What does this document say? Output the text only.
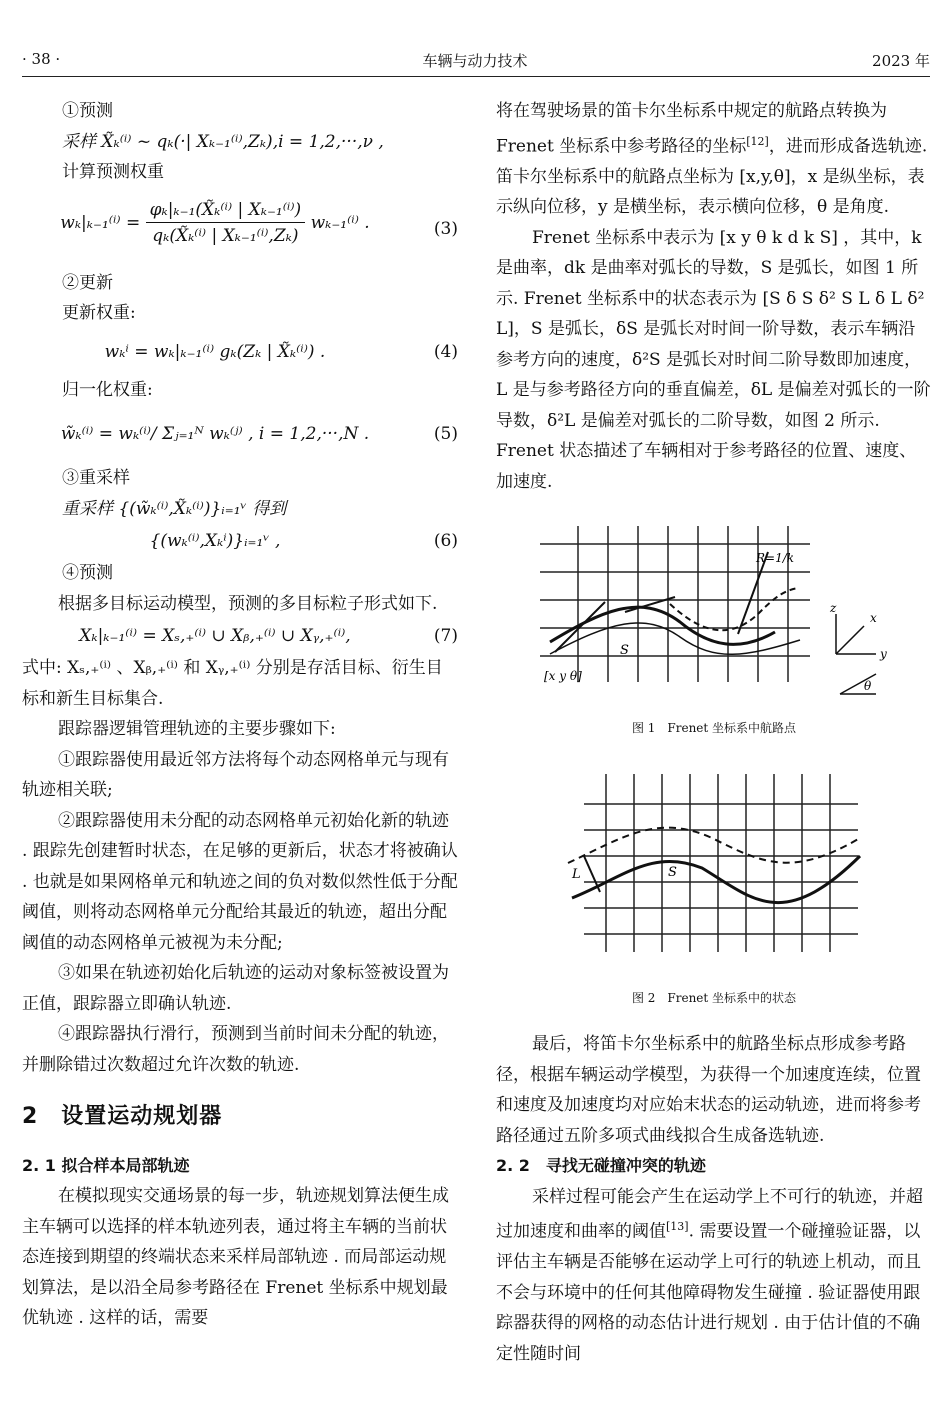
· 38 ·	车辆与动力技术	2023 年

①预测

采样 X̃ₖ⁽ⁱ⁾ ~ qₖ(·| Xₖ₋₁⁽ⁱ⁾,Zₖ),i = 1,2,···,ν ,

计算预测权重

$w_k|_{k-1}^{(i)} = \frac{\text{φₖ|ₖ₋₁(X̃ₖ⁽ⁱ⁾ | Xₖ₋₁⁽ⁱ⁾)}}{\text{qₖ(X̃ₖ⁽ⁱ⁾ | Xₖ₋₁⁽ⁱ⁾,Zₖ)}} w_{k-1}^{(i)}$ .	(3)

②更新

更新权重:

wₖⁱ = wₖ|ₖ₋₁⁽ⁱ⁾ gₖ(Zₖ | X̃ₖ⁽ⁱ⁾) .	(4)

归一化权重:

w̃ₖ⁽ⁱ⁾ = wₖ⁽ⁱ⁾/ Σⱼ₌₁ᴺ wₖ⁽ʲ⁾ , i = 1,2,···,N .	(5)

③重采样

重采样 {(w̃ₖ⁽ⁱ⁾,X̃ₖ⁽ⁱ⁾)}ᵢ₌₁ᵛ 得到

{(wₖ⁽ⁱ⁾,Xₖⁱ)}ᵢ₌₁ᵛ ,	(6)

④预测

根据多目标运动模型，预测的多目标粒子形式如下.

Xₖ|ₖ₋₁⁽ⁱ⁾ = Xₛ,₊⁽ⁱ⁾ ∪ Xᵦ,₊⁽ⁱ⁾ ∪ Xᵧ,₊⁽ⁱ⁾,	(7)

式中: Xₛ,₊⁽ⁱ⁾ 、Xᵦ,₊⁽ⁱ⁾ 和 Xᵧ,₊⁽ⁱ⁾ 分别是存活目标、衍生目标和新生目标集合.

跟踪器逻辑管理轨迹的主要步骤如下:

①跟踪器使用最近邻方法将每个动态网格单元与现有轨迹相关联;

②跟踪器使用未分配的动态网格单元初始化新的轨迹 . 跟踪先创建暂时状态，在足够的更新后，状态才将被确认 . 也就是如果网格单元和轨迹之间的负对数似然性低于分配阈值，则将动态网格单元分配给其最近的轨迹，超出分配阈值的动态网格单元被视为未分配;

③如果在轨迹初始化后轨迹的运动对象标签被设置为正值，跟踪器立即确认轨迹.

④跟踪器执行滑行，预测到当前时间未分配的轨迹，并删除错过次数超过允许次数的轨迹.

2　设置运动规划器

2. 1 拟合样本局部轨迹

在模拟现实交通场景的每一步，轨迹规划算法便生成主车辆可以选择的样本轨迹列表，通过将主车辆的当前状态连接到期望的终端状态来采样局部轨迹 . 而局部运动规划算法，是以沿全局参考路径在 Frenet 坐标系中规划最优轨迹 . 这样的话，需要

将在驾驶场景的笛卡尔坐标系中规定的航路点转换为 Frenet 坐标系中参考路径的坐标[12]，进而形成备选轨迹. 笛卡尔坐标系中的航路点坐标为 [x,y,θ]，x 是纵坐标，表示纵向位移，y 是横坐标，表示横向位移，θ 是角度.

Frenet 坐标系中表示为 [x y θ k d k S] ，其中，k 是曲率，dk 是曲率对弧长的导数，S 是弧长，如图 1 所示. Frenet 坐标系中的状态表示为 [S δ S δ² S L δ L δ² L]，S 是弧长，δS 是弧长对时间一阶导数，表示车辆沿参考方向的速度，δ²S 是弧长对时间二阶导数即加速度，L 是与参考路径方向的垂直偏差，δL 是偏差对弧长的一阶导数，δ²L 是偏差对弧长的二阶导数，如图 2 所示. Frenet 状态描述了车辆相对于参考路径的位置、速度、加速度.

R=1/k
S
[x y θ]
z
x
y
θ
图 1　Frenet 坐标系中航路点
L	S
图 2　Frenet 坐标系中的状态

最后，将笛卡尔坐标系中的航路坐标点形成参考路径，根据车辆运动学模型，为获得一个加速度连续，位置和速度及加速度均对应始末状态的运动轨迹，进而将参考路径通过五阶多项式曲线拟合生成备选轨迹.

2. 2　寻找无碰撞冲突的轨迹

采样过程可能会产生在运动学上不可行的轨迹，并超过加速度和曲率的阈值[13]. 需要设置一个碰撞验证器，以评估主车辆是否能够在运动学上可行的轨迹上机动，而且不会与环境中的任何其他障碍物发生碰撞 . 验证器使用跟踪器获得的网格的动态估计进行规划 . 由于估计值的不确定性随时间
